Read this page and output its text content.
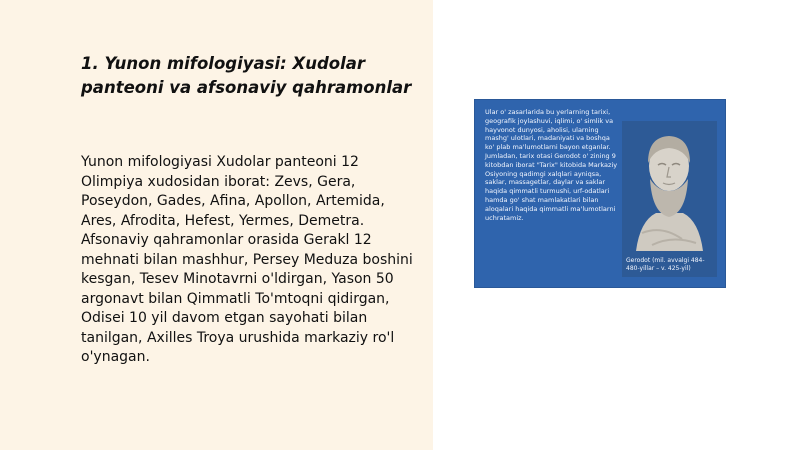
1. Yunon mifologiyasi: Xudolar panteoni va afsonaviy qahramonlar

Yunon mifologiyasi Xudolar panteoni 12 Olimpiya xudosidan iborat: Zevs, Gera, Poseydon, Gades, Afina, Apollon, Artemida, Ares, Afrodita, Hefest, Yermes, Demetra. Afsonaviy qahramonlar orasida Gerakl 12 mehnati bilan mashhur, Persey Meduza boshini kesgan, Tesev Minotavrni o'ldirgan, Yason 50 argonavt bilan Qimmatli To'mtoqni qidirgan, Odisei 10 yil davom etgan sayohati bilan tanilgan, Axilles Troya urushida markaziy ro'l o'ynagan.

Ular o' zasarlarida bu yerlarning tarixi, geografik joylashuvi, iqlimi, o' simlik va hayvonot dunyosi, aholisi, ularning mashg' ulotlari, madaniyati va boshqa ko' plab ma'lumotlarni bayon etganlar. Jumladan, tarix otasi Gerodot o' zining 9 kitobdan iborat "Tarix" kitobida Markaziy Osiyoning qadimgi xalqlari ayniqsa, saklar, massagetlar, daylar va saklar haqida qimmatli turmushi, urf-odatlari hamda go' shat mamlakatlari bilan aloqalari haqida qimmatli ma'lumotlarni uchratamiz.

Gerodot (mil. avvalgi 484-480-yillar – v. 425-yil)
